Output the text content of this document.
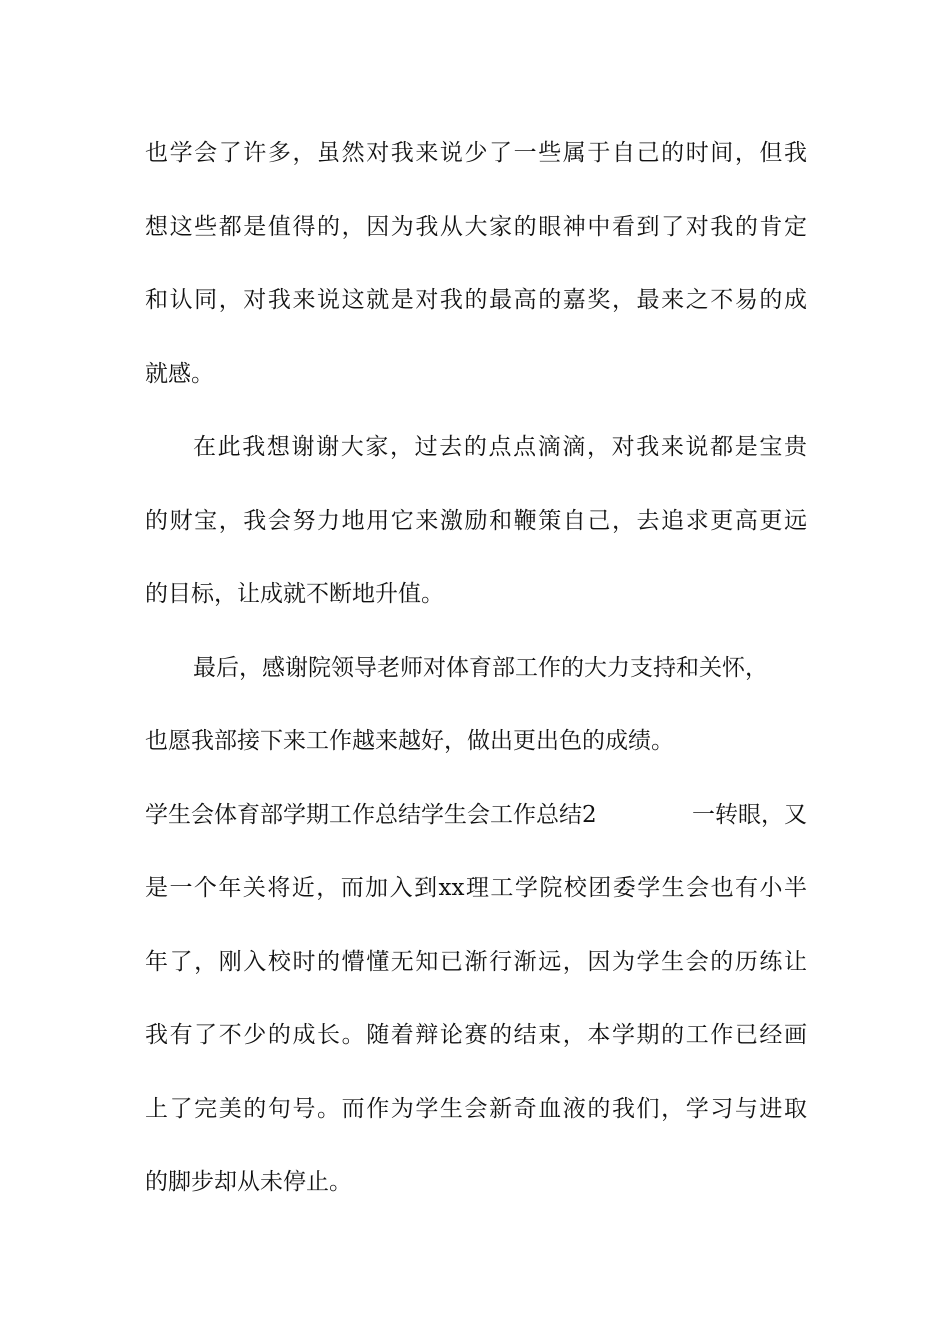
也学会了许多，虽然对我来说少了一些属于自己的时间，但我
想这些都是值得的，因为我从大家的眼神中看到了对我的肯定
和认同，对我来说这就是对我的最高的嘉奖，最来之不易的成
就感。
在此我想谢谢大家，过去的点点滴滴，对我来说都是宝贵
的财宝，我会努力地用它来激励和鞭策自己，去追求更高更远
的目标，让成就不断地升值。
最后，感谢院领导老师对体育部工作的大力支持和关怀，
也愿我部接下来工作越来越好，做出更出色的成绩。
学生会体育部学期工作总结学生会工作总结2	一转眼，又
是一个年关将近，而加入到xx理工学院校团委学生会也有小半
年了，刚入校时的懵懂无知已渐行渐远，因为学生会的历练让
我有了不少的成长。随着辩论赛的结束，本学期的工作已经画
上了完美的句号。而作为学生会新奇血液的我们，学习与进取
的脚步却从未停止。
